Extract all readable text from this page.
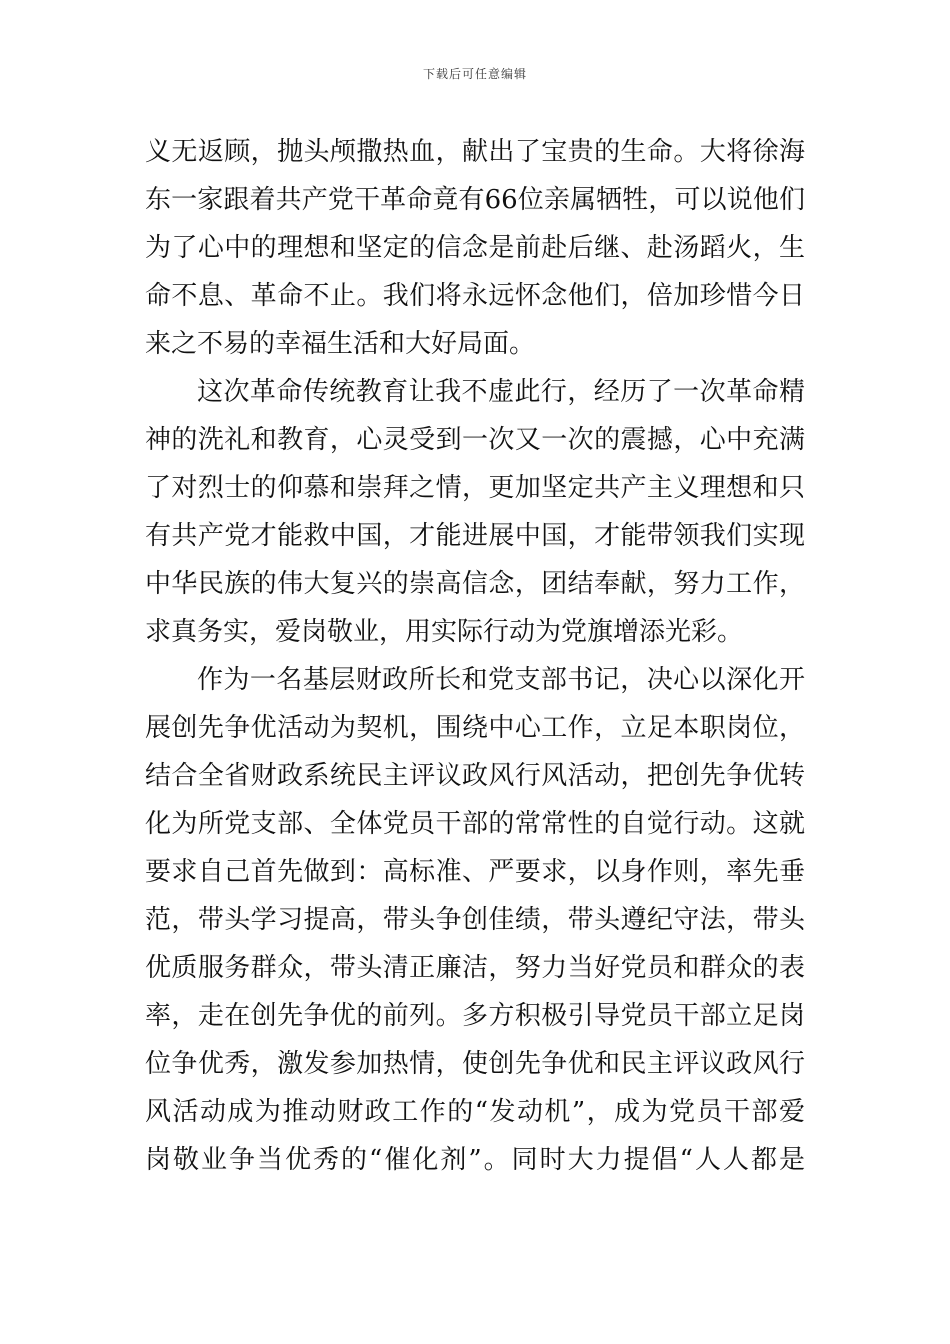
下载后可任意编辑
义无返顾，抛头颅撒热血，献出了宝贵的生命。大将徐海
东一家跟着共产党干革命竟有66位亲属牺牲，可以说他们
为了心中的理想和坚定的信念是前赴后继、赴汤蹈火，生
命不息、革命不止。我们将永远怀念他们，倍加珍惜今日
来之不易的幸福生活和大好局面。
这次革命传统教育让我不虚此行，经历了一次革命精
神的洗礼和教育，心灵受到一次又一次的震撼，心中充满
了对烈士的仰慕和崇拜之情，更加坚定共产主义理想和只
有共产党才能救中国，才能进展中国，才能带领我们实现
中华民族的伟大复兴的崇高信念，团结奉献，努力工作，
求真务实，爱岗敬业，用实际行动为党旗增添光彩。
作为一名基层财政所长和党支部书记，决心以深化开
展创先争优活动为契机，围绕中心工作，立足本职岗位，
结合全省财政系统民主评议政风行风活动，把创先争优转
化为所党支部、全体党员干部的常常性的自觉行动。这就
要求自己首先做到：高标准、严要求，以身作则，率先垂
范，带头学习提高，带头争创佳绩，带头遵纪守法，带头
优质服务群众，带头清正廉洁，努力当好党员和群众的表
率，走在创先争优的前列。多方积极引导党员干部立足岗
位争优秀，激发参加热情，使创先争优和民主评议政风行
风活动成为推动财政工作的“发动机”，成为党员干部爱
岗敬业争当优秀的“催化剂”。同时大力提倡“人人都是
